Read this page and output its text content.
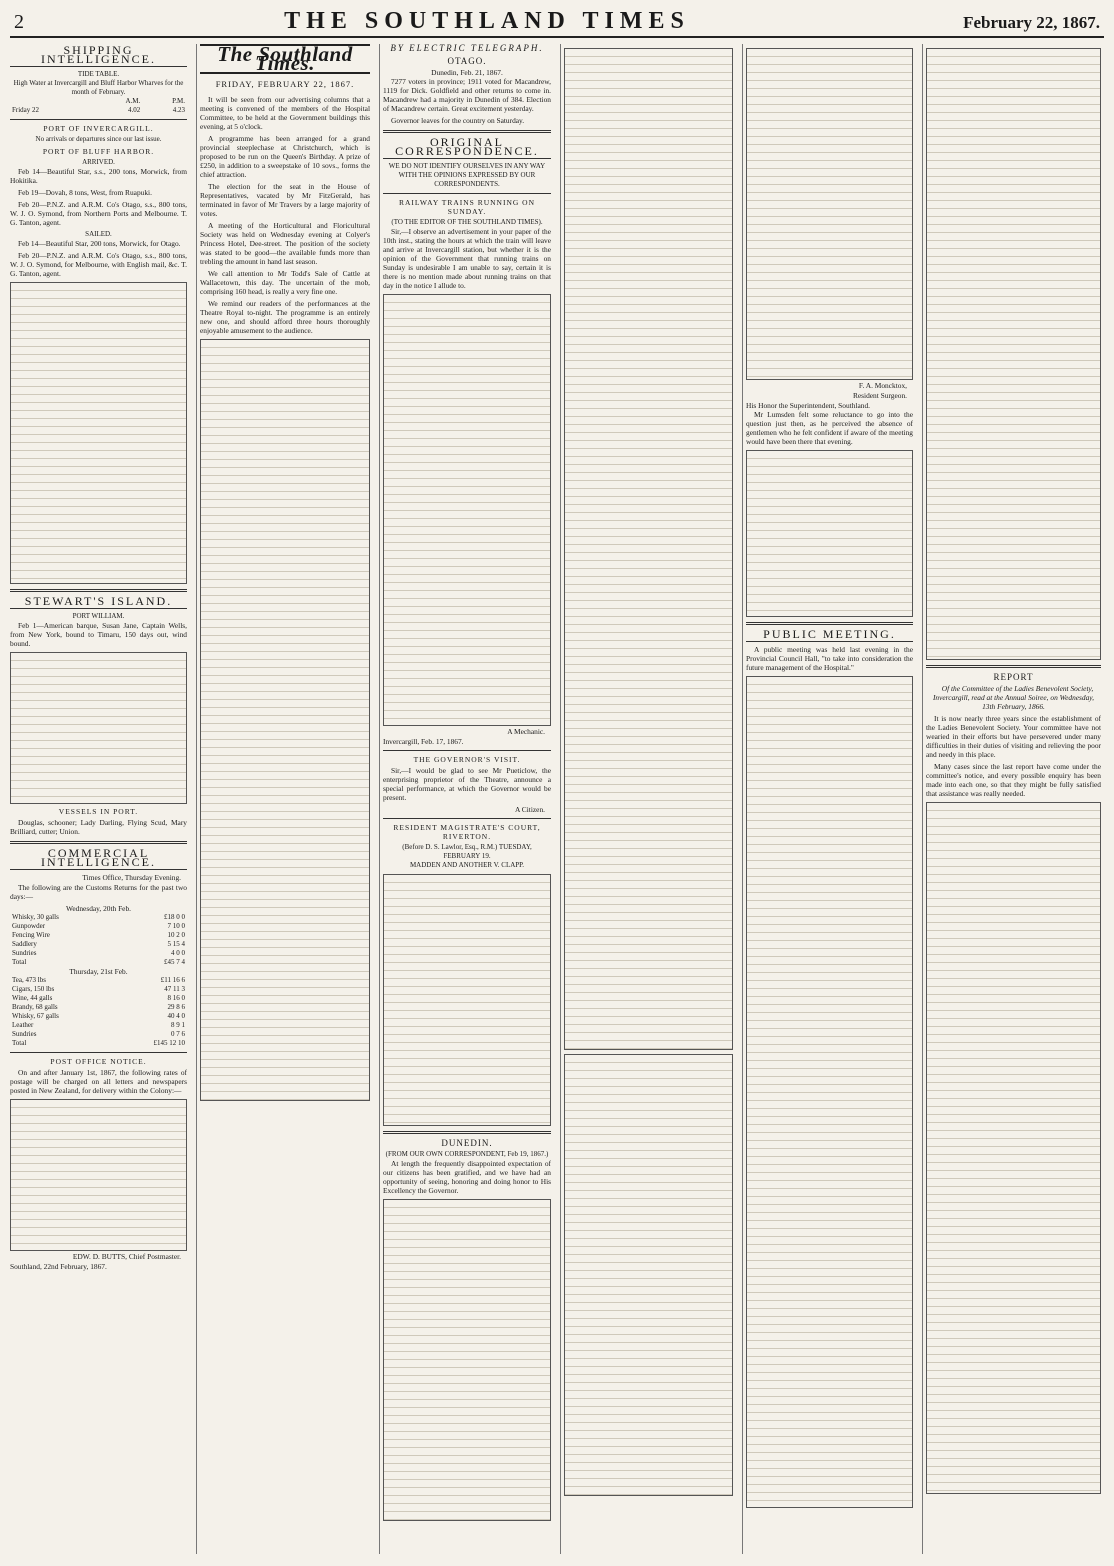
2	THE SOUTHLAND TIMES	February 22, 1867.
SHIPPING INTELLIGENCE.
TIDE TABLE.
High Water at Invercargill and Bluff Harbor Wharves for the month of February.
	A.M.	P.M.
Friday 22	4.02	4.23
PORT OF INVERCARGILL.
No arrivals or departures since our last issue.
PORT OF BLUFF HARBOR.
ARRIVED.

Feb 14—Beautiful Star, s.s., 200 tons, Morwick, from Hokitika.

Feb 19—Dovah, 8 tons, West, from Ruapuki.

Feb 20—P.N.Z. and A.R.M. Co's Otago, s.s., 800 tons, W. J. O. Symond, from Northern Ports and Melbourne. T. G. Tanton, agent.

SAILED.

Feb 14—Beautiful Star, 200 tons, Morwick, for Otago.

Feb 20—P.N.Z. and A.R.M. Co's Otago, s.s., 800 tons, W. J. O. Symond, for Melbourne, with English mail, &c. T. G. Tanton, agent.

STEWART'S ISLAND.
PORT WILLIAM.

Feb 1—American barque, Susan Jane, Captain Wells, from New York, bound to Timaru, 150 days out, wind bound.

VESSELS IN PORT.

Douglas, schooner; Lady Darling, Flying Scud, Mary Brilliard, cutter; Union.

COMMERCIAL INTELLIGENCE.
Times Office, Thursday Evening.

The following are the Customs Returns for the past two days:—

Wednesday, 20th Feb.
Whisky, 30 galls	£18 0 0
Gunpowder	7 10 0
Fencing Wire	10 2 0
Saddlery	5 15 4
Sundries	4 0 0
Total	£45 7 4
Thursday, 21st Feb.
Tea, 473 lbs	£11 16 6
Cigars, 150 lbs	47 11 3
Wine, 44 galls	8 16 0
Brandy, 68 galls	29 8 6
Whisky, 67 galls	40 4 0
Leather	8 9 1
Sundries	0 7 6
Total	£145 12 10
POST OFFICE NOTICE.

On and after January 1st, 1867, the following rates of postage will be charged on all letters and newspapers posted in New Zealand, for delivery within the Colony:—

EDW. D. BUTTS, Chief Postmaster.
Southland, 22nd February, 1867.
The Southland Times.
FRIDAY, FEBRUARY 22, 1867.

It will be seen from our advertising columns that a meeting is convened of the members of the Hospital Committee, to be held at the Government buildings this evening, at 5 o'clock.

A programme has been arranged for a grand provincial steeplechase at Christchurch, which is proposed to be run on the Queen's Birthday. A prize of £250, in addition to a sweepstake of 10 sovs., forms the chief attraction.

The election for the seat in the House of Representatives, vacated by Mr FitzGerald, has terminated in favor of Mr Travers by a large majority of votes.

A meeting of the Horticultural and Floricultural Society was held on Wednesday evening at Colyer's Princess Hotel, Dee-street. The position of the society was stated to be good—the available funds more than trebling the amount in hand last season.

We call attention to Mr Todd's Sale of Cattle at Wallacetown, this day. The uncertain of the mob, comprising 160 head, is really a very fine one.

We remind our readers of the performances at the Theatre Royal to-night. The programme is an entirely new one, and should afford three hours thoroughly enjoyable amusement to the audience.

BY ELECTRIC TELEGRAPH.
OTAGO.
Dunedin, Feb. 21, 1867.

7277 voters in province; 1911 voted for Macandrew, 1119 for Dick. Goldfield and other returns to come in. Macandrew had a majority in Dunedin of 384. Election of Macandrew certain. Great excitement yesterday.

Governor leaves for the country on Saturday.

ORIGINAL CORRESPONDENCE.
WE DO NOT IDENTIFY OURSELVES IN ANY WAY WITH THE OPINIONS EXPRESSED BY OUR CORRESPONDENTS.
RAILWAY TRAINS RUNNING ON SUNDAY.
(TO THE EDITOR OF THE SOUTHLAND TIMES).

Sir,—I observe an advertisement in your paper of the 10th inst., stating the hours at which the train will leave and arrive at Invercargill station, but whether it is the opinion of the Government that running trains on Sunday is undesirable I am unable to say, certain it is there is no mention made about running trains on that day in the notice I allude to.

A Mechanic.
Invercargill, Feb. 17, 1867.
THE GOVERNOR'S VISIT.

Sir,—I would be glad to see Mr Pueticlow, the enterprising proprietor of the Theatre, announce a special performance, at which the Governor would be present.

A Citizen.
RESIDENT MAGISTRATE'S COURT, RIVERTON.
(Before D. S. Lawlor, Esq., R.M.) TUESDAY, FEBRUARY 19.
MADDEN AND ANOTHER V. CLAPP.
DUNEDIN.
(FROM OUR OWN CORRESPONDENT, Feb 19, 1867.)

At length the frequently disappointed expectation of our citizens has been gratified, and we have had an opportunity of seeing, honoring and doing honor to His Excellency the Governor.

F. A. Moncktox,
Resident Surgeon.
His Honor the Superintendent, Southland.

Mr Lumsden felt some reluctance to go into the question just then, as he perceived the absence of gentlemen who he felt confident if aware of the meeting would have been there that evening.

PUBLIC MEETING.

A public meeting was held last evening in the Provincial Council Hall, "to take into consideration the future management of the Hospital."

REPORT

Of the Committee of the Ladies Benevolent Society, Invercargill, read at the Annual Soiree, on Wednesday, 13th February, 1866.

It is now nearly three years since the establishment of the Ladies Benevolent Society. Your committee have not wearied in their efforts but have persevered under many difficulties in their duties of visiting and relieving the poor and needy in this place.

Many cases since the last report have come under the committee's notice, and every possible enquiry has been made into each one, so that they might be fully satisfied that assistance was really needed.
